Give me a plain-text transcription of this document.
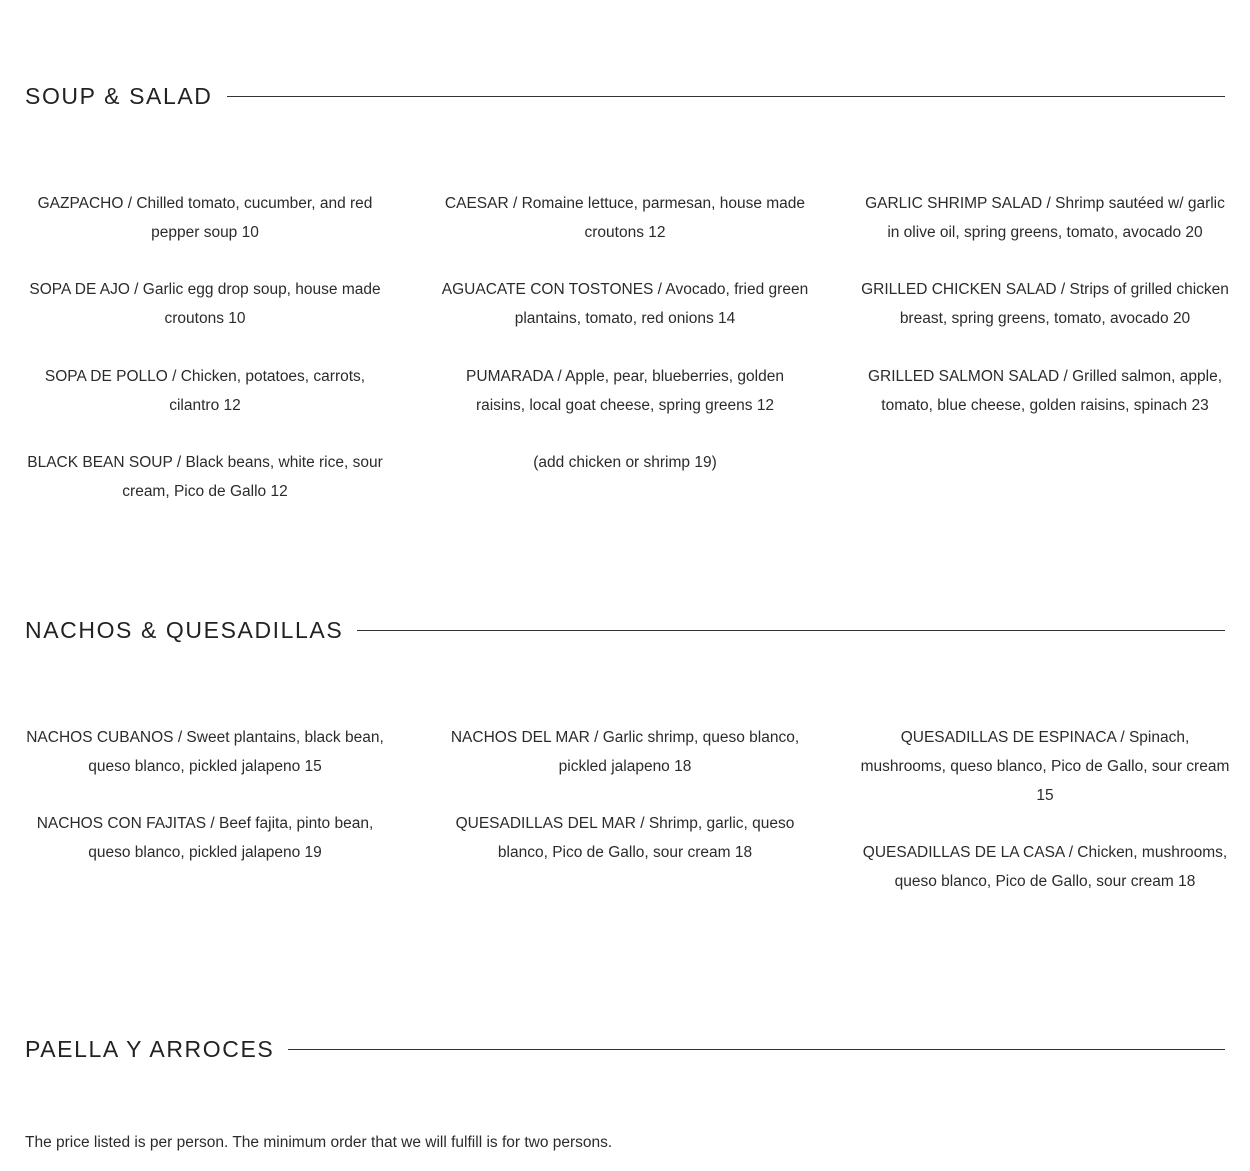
SOUP & SALAD
GAZPACHO / Chilled tomato, cucumber, and red pepper soup 10
SOPA DE AJO / Garlic egg drop soup, house made croutons 10
SOPA DE POLLO / Chicken, potatoes, carrots, cilantro 12
BLACK BEAN SOUP / Black beans, white rice, sour cream, Pico de Gallo 12
CAESAR / Romaine lettuce, parmesan, house made croutons 12
AGUACATE CON TOSTONES / Avocado, fried green plantains, tomato, red onions 14
PUMARADA / Apple, pear, blueberries, golden raisins, local goat cheese, spring greens 12
(add chicken or shrimp 19)
GARLIC SHRIMP SALAD / Shrimp sautéed w/ garlic in olive oil, spring greens, tomato, avocado 20
GRILLED CHICKEN SALAD / Strips of grilled chicken breast, spring greens, tomato, avocado 20
GRILLED SALMON SALAD / Grilled salmon, apple, tomato, blue cheese, golden raisins, spinach 23
NACHOS & QUESADILLAS
NACHOS CUBANOS / Sweet plantains, black bean, queso blanco, pickled jalapeno 15
NACHOS CON FAJITAS / Beef fajita, pinto bean, queso blanco, pickled jalapeno 19
NACHOS DEL MAR / Garlic shrimp, queso blanco, pickled jalapeno 18
QUESADILLAS DEL MAR / Shrimp, garlic, queso blanco, Pico de Gallo, sour cream 18
QUESADILLAS DE ESPINACA / Spinach, mushrooms, queso blanco, Pico de Gallo, sour cream 15
QUESADILLAS DE LA CASA / Chicken, mushrooms, queso blanco, Pico de Gallo, sour cream 18
PAELLA Y ARROCES
The price listed is per person. The minimum order that we will fulfill is for two persons.
